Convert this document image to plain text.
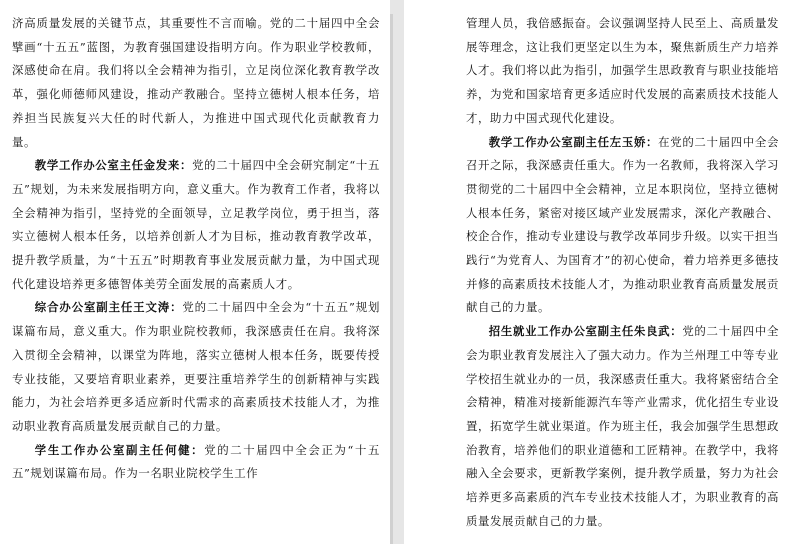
济高质量发展的关键节点，其重要性不言而喻。党的二十届四中全会擘画“十五五”蓝图，为教育强国建设指明方向。作为职业学校教师，深感使命在肩。我们将以全会精神为指引，立足岗位深化教育教学改革，强化师德师风建设，推动产教融合。坚持立德树人根本任务，培养担当民族复兴大任的时代新人，为推进中国式现代化贡献教育力量。

教学工作办公室主任金发来：党的二十届四中全会研究制定“十五五”规划，为未来发展指明方向，意义重大。作为教育工作者，我将以全会精神为指引，坚持党的全面领导，立足教学岗位，勇于担当，落实立德树人根本任务，以培养创新人才为目标，推动教育教学改革，提升教学质量，为“十五五”时期教育事业发展贡献力量，为中国式现代化建设培养更多德智体美劳全面发展的高素质人才。

综合办公室副主任王文涛：党的二十届四中全会为“十五五”规划谋篇布局，意义重大。作为职业院校教师，我深感责任在肩。我将深入贯彻全会精神，以课堂为阵地，落实立德树人根本任务，既要传授专业技能，又要培育职业素养，更要注重培养学生的创新精神与实践能力，为社会培养更多适应新时代需求的高素质技术技能人才，为推动职业教育高质量发展贡献自己的力量。

学生工作办公室副主任何健：党的二十届四中全会正为“十五五”规划谋篇布局。作为一名职业院校学生工作

管理人员，我倍感振奋。会议强调坚持人民至上、高质量发展等理念，这让我们更坚定以生为本，聚焦新质生产力培养人才。我们将以此为指引，加强学生思政教育与职业技能培养，为党和国家培育更多适应时代发展的高素质技术技能人才，助力中国式现代化建设。

教学工作办公室副主任左玉娇：在党的二十届四中全会召开之际，我深感责任重大。作为一名教师，我将深入学习贯彻党的二十届四中全会精神，立足本职岗位，坚持立德树人根本任务，紧密对接区域产业发展需求，深化产教融合、校企合作，推动专业建设与教学改革同步升级。以实干担当践行“为党育人、为国育才”的初心使命，着力培养更多德技并修的高素质技术技能人才，为推动职业教育高质量发展贡献自己的力量。

招生就业工作办公室副主任朱良武：党的二十届四中全会为职业教育发展注入了强大动力。作为兰州理工中等专业学校招生就业办的一员，我深感责任重大。我将紧密结合全会精神，精准对接新能源汽车等产业需求，优化招生专业设置，拓宽学生就业渠道。作为班主任，我会加强学生思想政治教育，培养他们的职业道德和工匠精神。在教学中，我将融入全会要求，更新教学案例，提升教学质量，努力为社会培养更多高素质的汽车专业技术技能人才，为职业教育的高质量发展贡献自己的力量。
